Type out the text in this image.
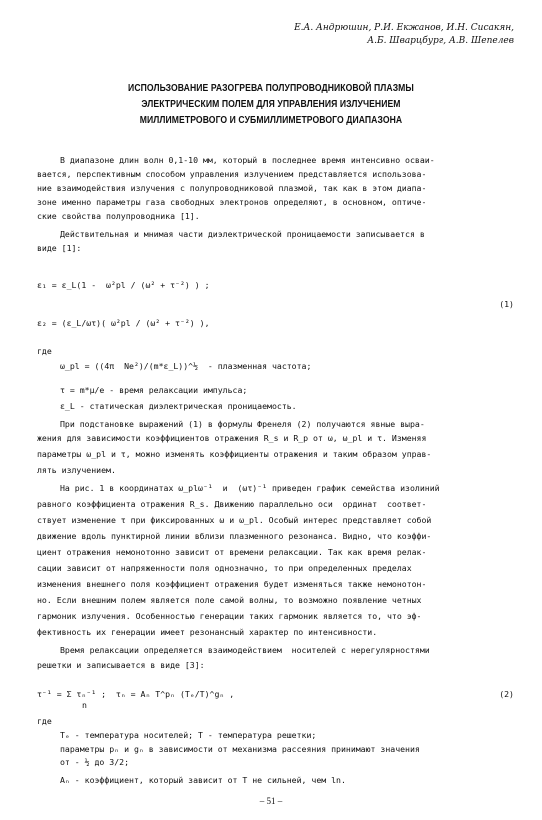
Е.А. Андрюшин, Р.И. Екжанов, И.Н. Сисакян,
А.Б. Шварцбург, А.В. Шепелев
ИСПОЛЬЗОВАНИЕ РАЗОГРЕВА ПОЛУПРОВОДНИКОВОЙ ПЛАЗМЫ
ЭЛЕКТРИЧЕСКИМ ПОЛЕМ ДЛЯ УПРАВЛЕНИЯ ИЗЛУЧЕНИЕМ
МИЛЛИМЕТРОВОГО И СУБМИЛЛИМЕТРОВОГО ДИАПАЗОНА
В диапазоне длин волн 0,1-10 мм, который в последнее время интенсивно осваи-
вается, перспективным способом управления излучением представляется использова-
ние взаимодействия излучения с полупроводниковой плазмой, так как в этом диапа-
зоне именно параметры газа свободных электронов определяют, в основном, оптиче-
ские свойства полупроводника [1].
Действительная и мнимая части диэлектрической проницаемости записывается в
виде [1]:
ε₁ = ε_L(1 -  ω²pl / (ω² + τ⁻²) ) ;
ε₂ = (ε_L/ωτ)( ω²pl / (ω² + τ⁻²) ),
(1)
где
ω_pl = ((4π  Ne²)/(m*ε_L))^½  - плазменная частота;
τ = m*μ/e - время релаксации импульса;
ε_L - статическая диэлектрическая проницаемость.
При подстановке выражений (1) в формулы Френеля (2) получаются явные выра-
жения для зависимости коэффициентов отражения R_s и R_p от ω, ω_pl и τ. Изменяя
параметры ω_pl и τ, можно изменять коэффициенты отражения и таким образом управ-
лять излучением.
На рис. 1 в координатах ω_plω⁻¹  и  (ωτ)⁻¹ приведен график семейства изолиний
равного коэффициента отражения R_s. Движению параллельно оси  ординат  соответ-
ствует изменение τ при фиксированных ω и ω_pl. Особый интерес представляет собой
движение вдоль пунктирной линии вблизи плазменного резонанса. Видно, что коэффи-
циент отражения немонотонно зависит от времени релаксации. Так как время релак-
сации зависит от напряженности поля однозначно, то при определенных пределах
изменения внешнего поля коэффициент отражения будет изменяться также немонотон-
но. Если внешним полем является поле самой волны, то возможно появление четных
гармоник излучения. Особенностью генерации таких гармоник является то, что эф-
фективность их генерации имеет резонансный характер по интенсивности.
Время релаксации определяется взаимодействием  носителей с нерегулярностями
решетки и записывается в виде [3]:
τ⁻¹ = Σ τₙ⁻¹ ;  τₙ = Aₙ T^pₙ (Tₑ/T)^gₙ ,
n
(2)
где
Tₑ - температура носителей; T - температура решетки;
параметры pₙ и gₙ в зависимости от механизма рассеяния принимают значения
от - ½ до 3/2;
Aₙ - коэффициент, который зависит от T не сильней, чем ln.
– 51 –
